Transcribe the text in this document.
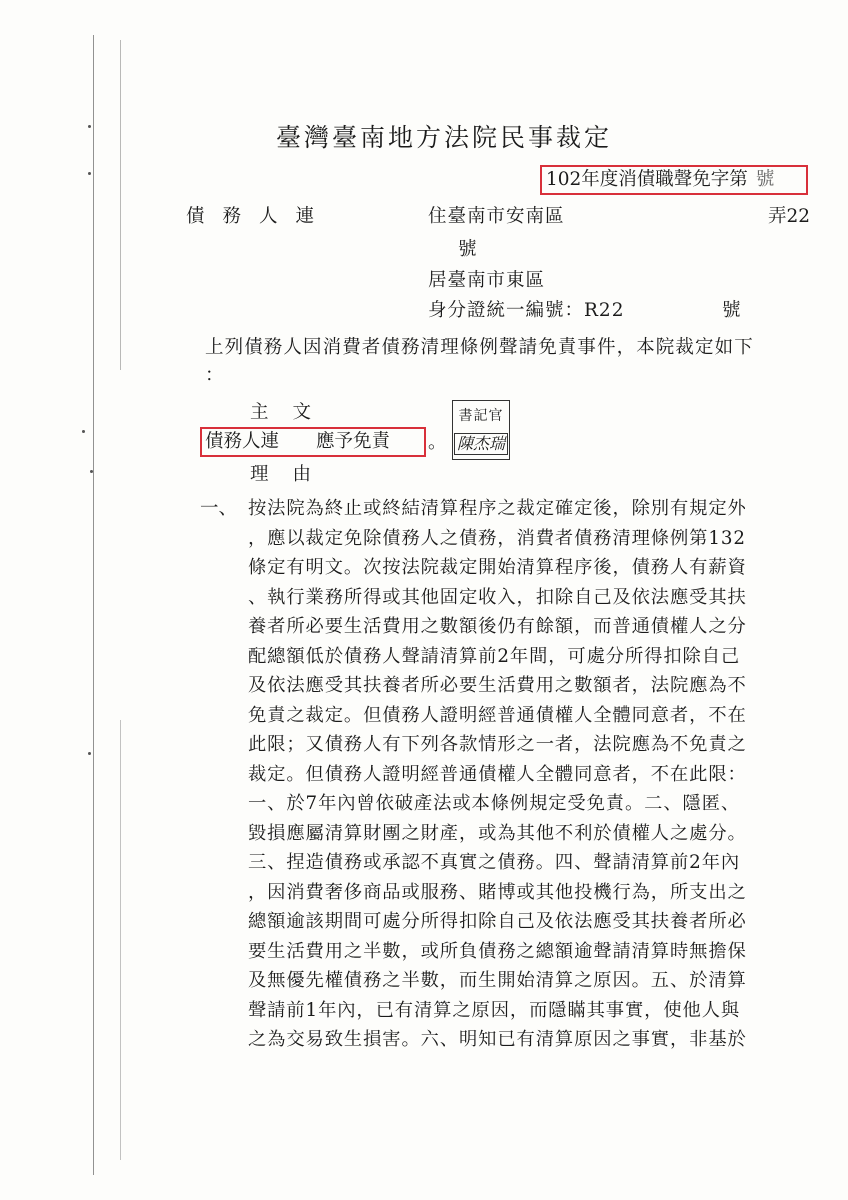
臺灣臺南地方法院民事裁定
102年度消債職聲免字第 號
債務人連	住臺南市安南區	弄22
號
居臺南市東區
身分證統一編號：R22	號
上列債務人因消費者債務清理條例聲請免責事件，本院裁定如下
：
主文
債務人連　　應予免責	。
書記官
陳杰瑞
理由
一、 按法院為終止或終結清算程序之裁定確定後，除別有規定外
，應以裁定免除債務人之債務，消費者債務清理條例第132
條定有明文。次按法院裁定開始清算程序後，債務人有薪資
、執行業務所得或其他固定收入，扣除自己及依法應受其扶
養者所必要生活費用之數額後仍有餘額，而普通債權人之分
配總額低於債務人聲請清算前2年間，可處分所得扣除自己
及依法應受其扶養者所必要生活費用之數額者，法院應為不
免責之裁定。但債務人證明經普通債權人全體同意者，不在
此限；又債務人有下列各款情形之一者，法院應為不免責之
裁定。但債務人證明經普通債權人全體同意者，不在此限：
一、於7年內曾依破產法或本條例規定受免責。二、隱匿、
毀損應屬清算財團之財產，或為其他不利於債權人之處分。
三、捏造債務或承認不真實之債務。四、聲請清算前2年內
，因消費奢侈商品或服務、賭博或其他投機行為，所支出之
總額逾該期間可處分所得扣除自己及依法應受其扶養者所必
要生活費用之半數，或所負債務之總額逾聲請清算時無擔保
及無優先權債務之半數，而生開始清算之原因。五、於清算
聲請前1年內，已有清算之原因，而隱瞞其事實，使他人與
之為交易致生損害。六、明知已有清算原因之事實，非基於
